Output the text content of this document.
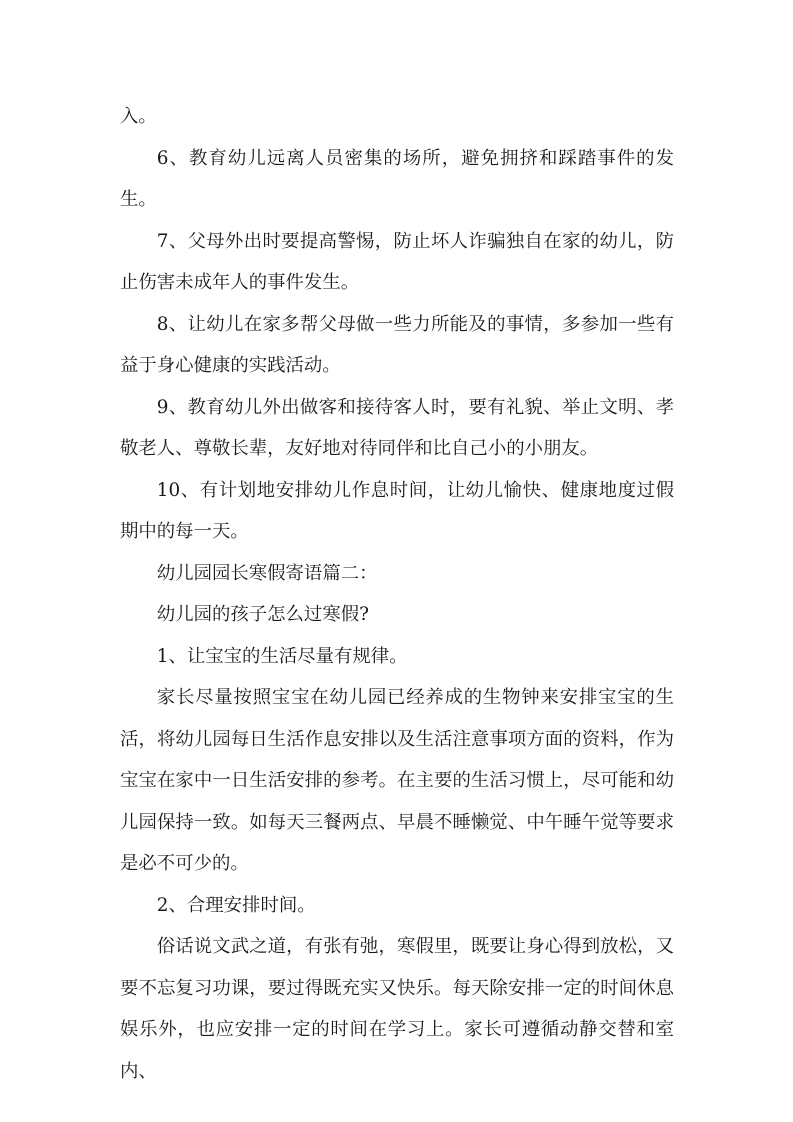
入。

6、教育幼儿远离人员密集的场所，避免拥挤和踩踏事件的发生。

7、父母外出时要提高警惕，防止坏人诈骗独自在家的幼儿，防止伤害未成年人的事件发生。

8、让幼儿在家多帮父母做一些力所能及的事情，多参加一些有益于身心健康的实践活动。

9、教育幼儿外出做客和接待客人时，要有礼貌、举止文明、孝敬老人、尊敬长辈，友好地对待同伴和比自己小的小朋友。

10、有计划地安排幼儿作息时间，让幼儿愉快、健康地度过假期中的每一天。

幼儿园园长寒假寄语篇二：

幼儿园的孩子怎么过寒假?

1、让宝宝的生活尽量有规律。

家长尽量按照宝宝在幼儿园已经养成的生物钟来安排宝宝的生活，将幼儿园每日生活作息安排以及生活注意事项方面的资料，作为宝宝在家中一日生活安排的参考。在主要的生活习惯上，尽可能和幼儿园保持一致。如每天三餐两点、早晨不睡懒觉、中午睡午觉等要求是必不可少的。

2、合理安排时间。

俗话说文武之道，有张有弛，寒假里，既要让身心得到放松，又要不忘复习功课，要过得既充实又快乐。每天除安排一定的时间休息娱乐外，也应安排一定的时间在学习上。家长可遵循动静交替和室内、
